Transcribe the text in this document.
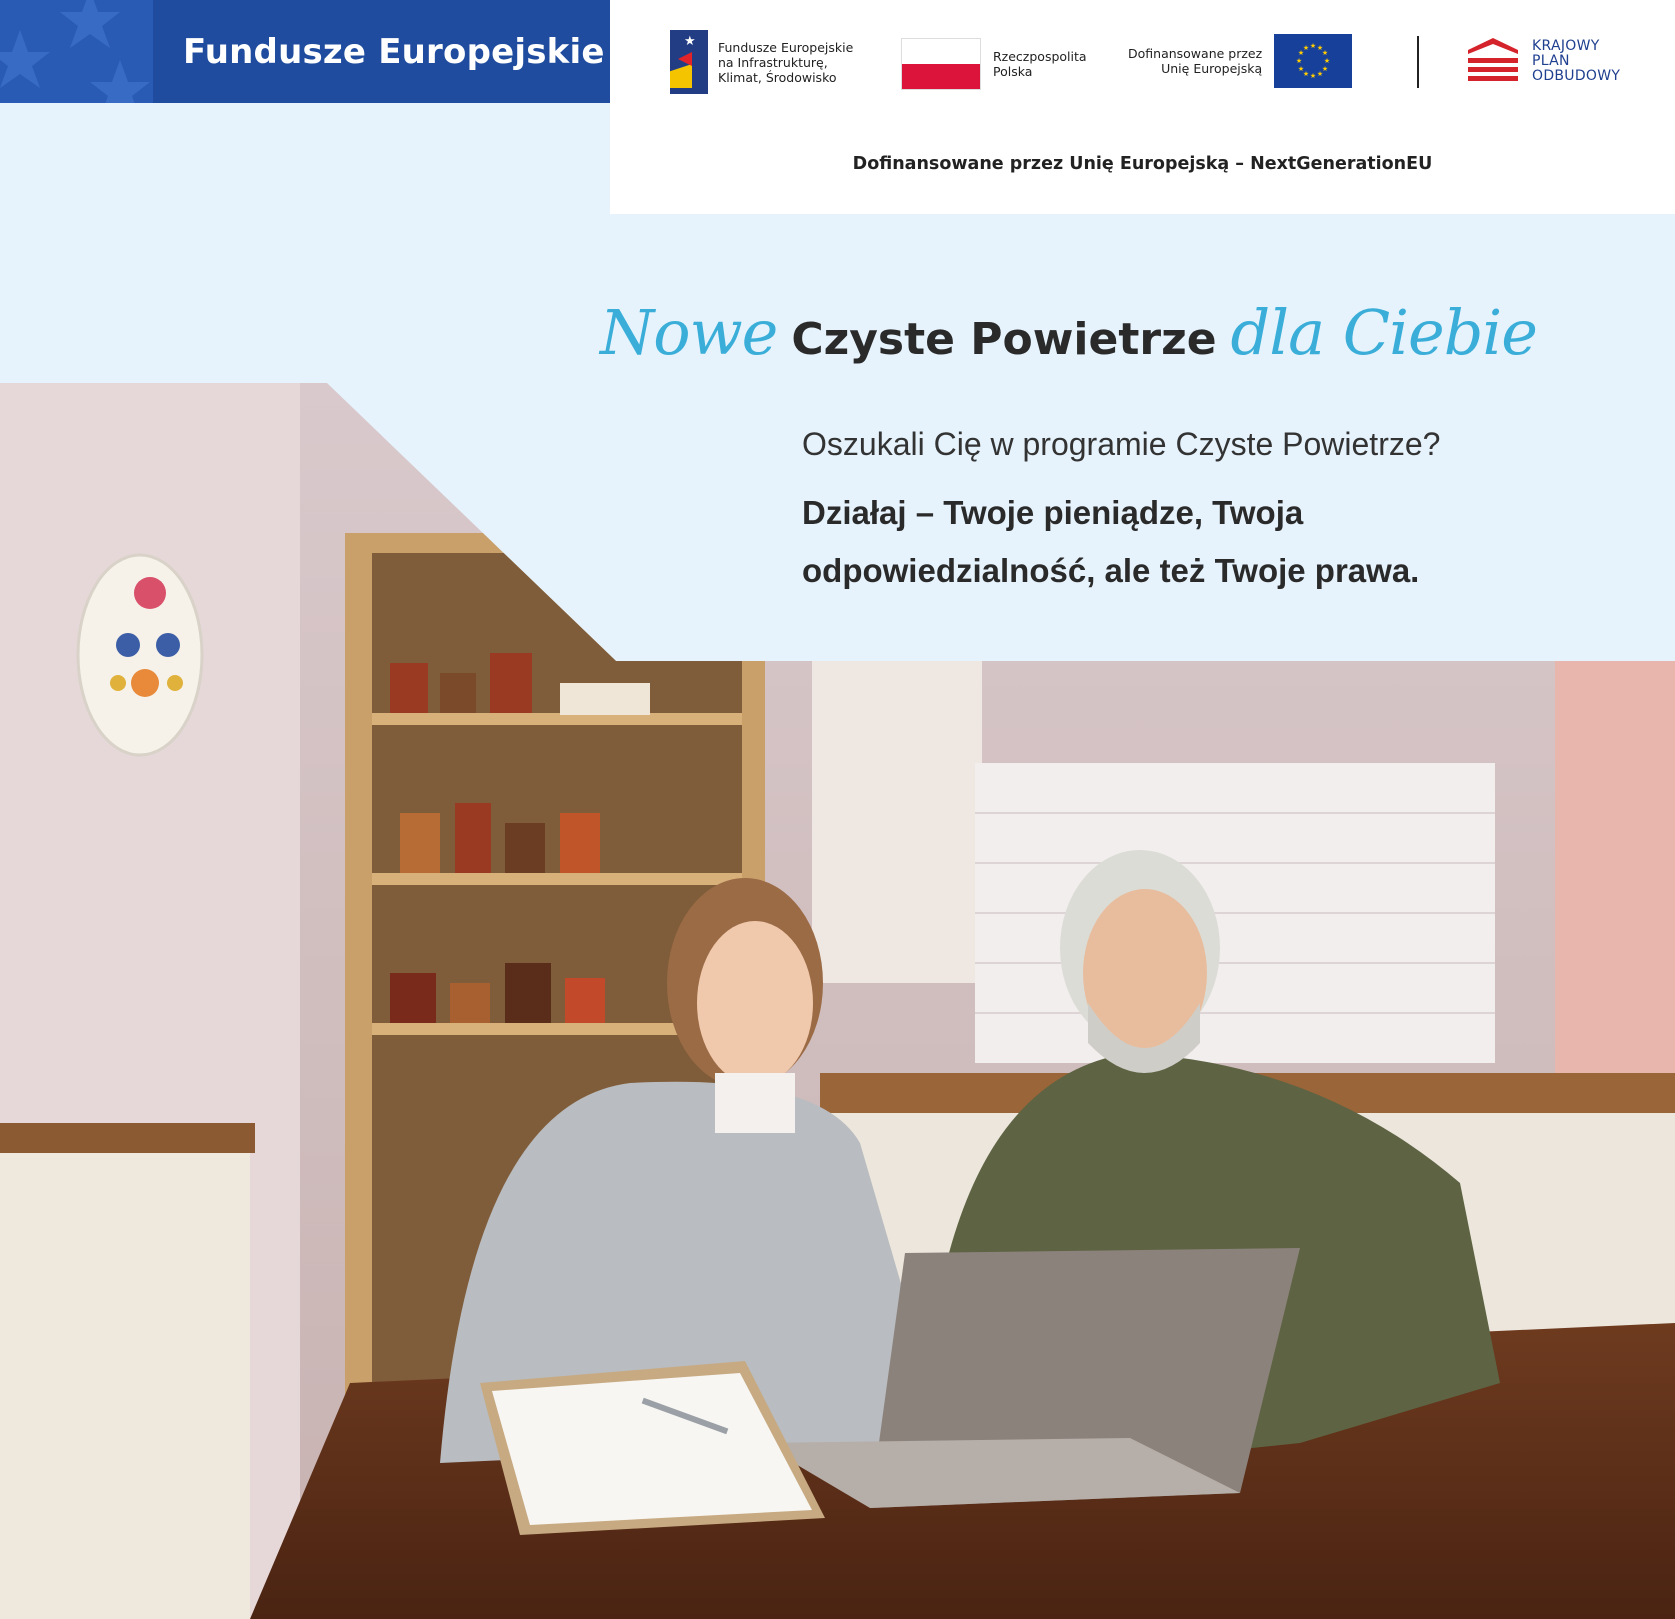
Fundusze Europejskie	★ Fundusze Europejskie
na Infrastrukturę,
Klimat, Środowisko
Rzeczpospolita
Polska
Dofinansowane przez
Unię Europejską
★ ★
★
★
★
★
★
★
★
★
★
★	KRAJOWY
PLAN
ODBUDOWY
Dofinansowane przez Unię Europejską – NextGenerationEU
Nowe Czyste Powietrze dla Ciebie
Oszukali Cię w programie Czyste Powietrze?
Działaj – Twoje pieniądze, Twoja odpowiedzialność, ale też Twoje prawa.
